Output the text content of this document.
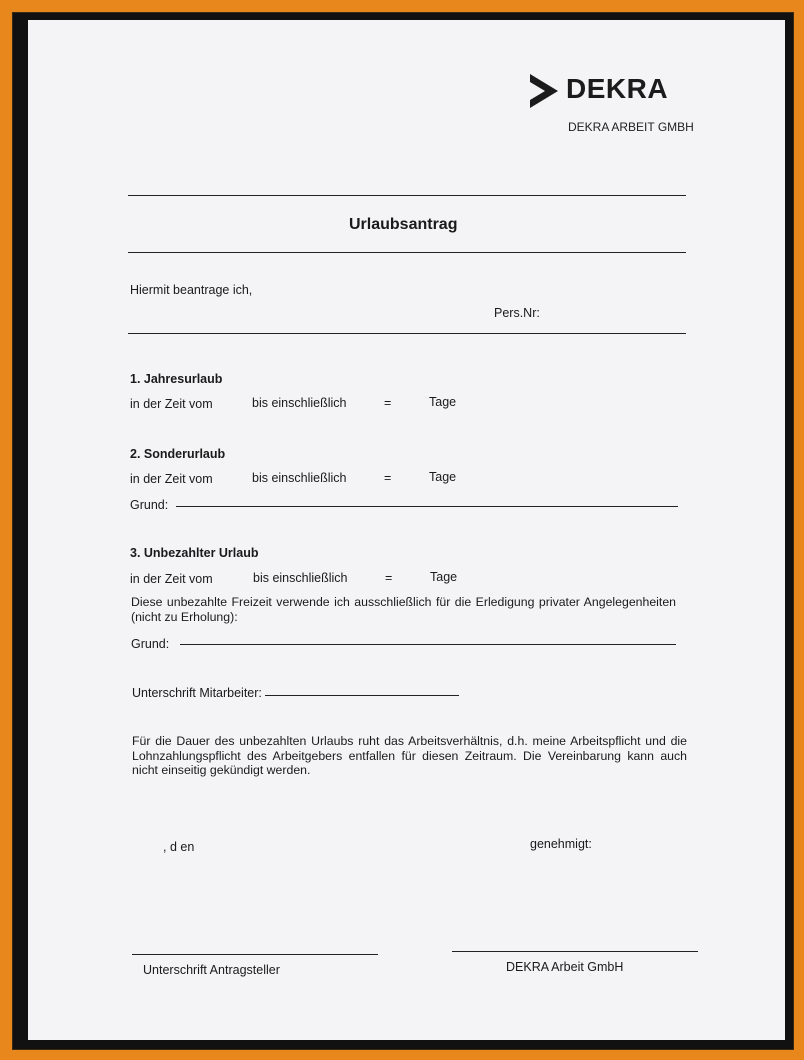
DEKRA
DEKRA ARBEIT GMBH
Urlaubsantrag
Hiermit beantrage ich,
Pers.Nr:
1. Jahresurlaub
in der Zeit vom	bis einschließlich	=	Tage
2. Sonderurlaub
in der Zeit vom	bis einschließlich	=	Tage
Grund:
3. Unbezahlter Urlaub
in der Zeit vom	bis einschließlich	=	Tage
Diese unbezahlte Freizeit verwende ich ausschließlich für die Erledigung privater Angelegenheiten (nicht zu Erholung):
Grund:
Unterschrift Mitarbeiter:
Für die Dauer des unbezahlten Urlaubs ruht das Arbeitsverhältnis, d.h. meine Arbeitspflicht und die Lohnzahlungspflicht des Arbeitgebers entfallen für diesen Zeitraum. Die Vereinbarung kann auch nicht einseitig gekündigt werden.
, d en	genehmigt:
Unterschrift Antragsteller	DEKRA Arbeit GmbH
